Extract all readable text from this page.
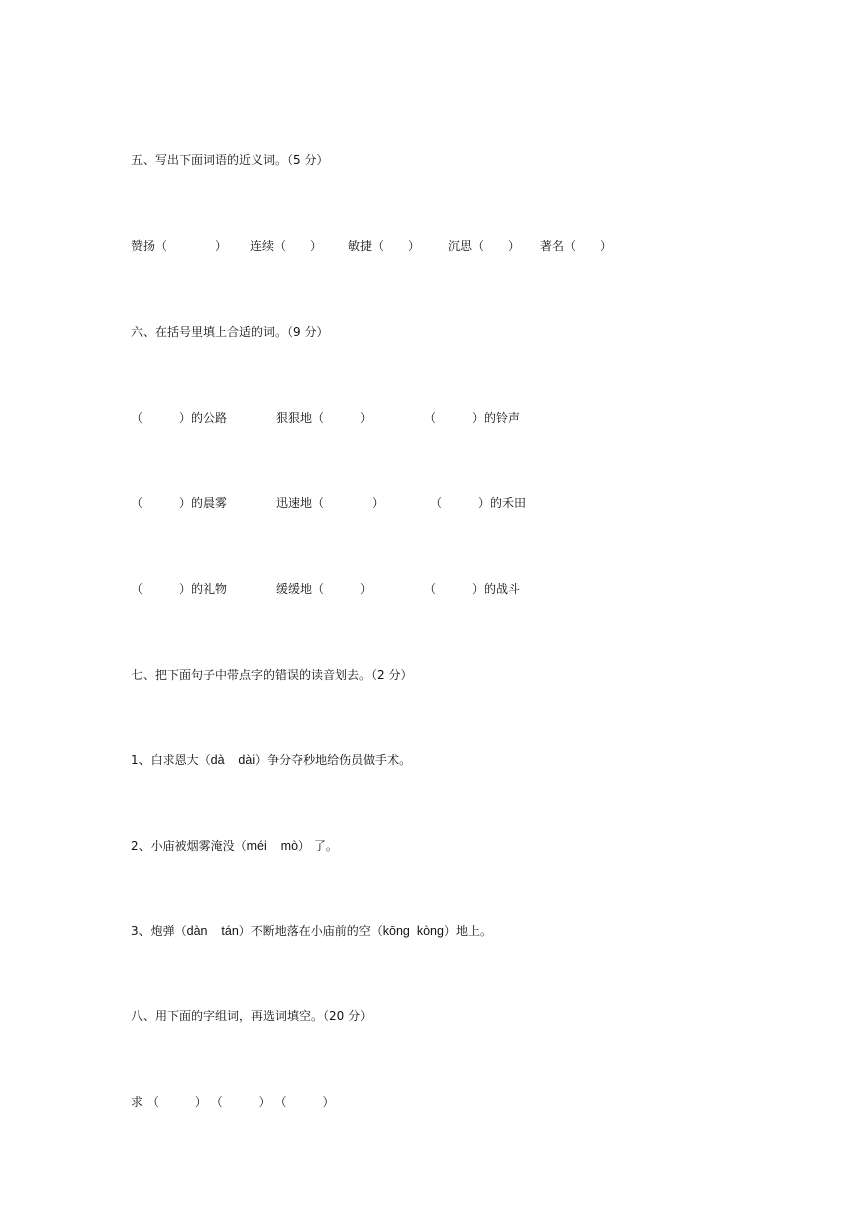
五、写出下面词语的近义词。（5 分）
赞扬（　　　　） 连续（　　） 敏捷（　　） 沉思（　　） 著名（　　）
六、在括号里填上合适的词。（9 分）
（　　　）的公路	狠狠地（　　　）	（　　　）的铃声
（　　　）的晨雾	迅速地（　　　　）	（　　　）的禾田
（　　　）的礼物	缓缓地（　　　）	（　　　）的战斗
七、把下面句子中带点字的错误的读音划去。（2 分）
1、白求恩大（dà    dài）争分夺秒地给伤员做手术。
2、小庙被烟雾淹没（méi    mò） 了。
3、炮弹（dàn    tán）不断地落在小庙前的空（kōng  kòng）地上。
八、用下面的字组词，再选词填空。（20 分）
求 （　　　） （　　　） （　　　）
